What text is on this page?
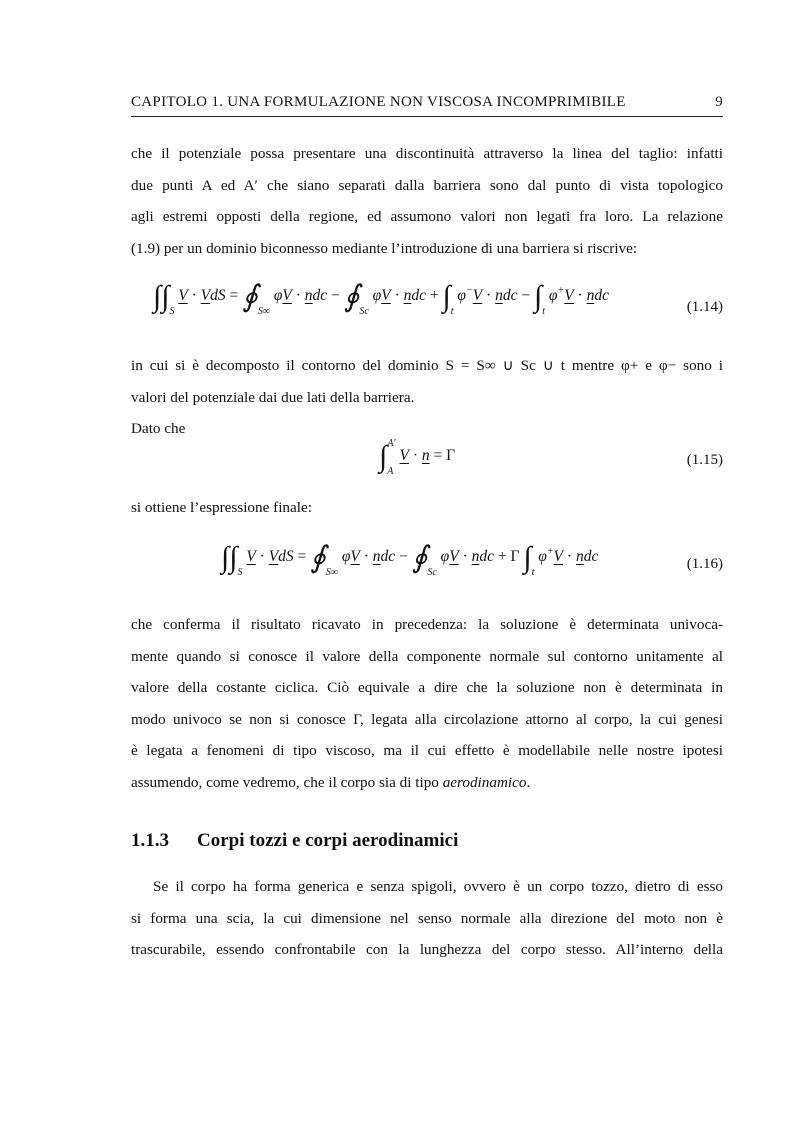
CAPITOLO 1. UNA FORMULAZIONE NON VISCOSA INCOMPRIMIBILE	9
che il potenziale possa presentare una discontinuità attraverso la linea del taglio: infatti
due punti A ed A′ che siano separati dalla barriera sono dal punto di vista topologico
agli estremi opposti della regione, ed assumono valori non legati fra loro. La relazione
(1.9) per un dominio biconnesso mediante l’introduzione di una barriera si riscrive:
$\int\int_S$ V · VdS = $∮_{S\infty}$ φV · ndc − $∮_{Sc}$ φV · ndc + $\int_t$ φ−V · ndc − $\int_t$ φ+V · ndc
(1.14)
in cui si è decomposto il contorno del dominio S = S∞ ∪ Sc ∪ t mentre φ+ e φ− sono i
valori del potenziale dai due lati della barriera.
Dato che
$\int_A^{A'}$ V · n = Γ	(1.15)
si ottiene l’espressione finale:
$\int\int_S$ V · VdS = $∮_{S\infty}$ φV · ndc − $∮_{Sc}$ φV · ndc + Γ $\int_t$ φ+V · ndc	(1.16)
che conferma il risultato ricavato in precedenza: la soluzione è determinata univoca-
mente quando si conosce il valore della componente normale sul contorno unitamente al
valore della costante ciclica. Ciò equivale a dire che la soluzione non è determinata in
modo univoco se non si conosce Γ, legata alla circolazione attorno al corpo, la cui genesi
è legata a fenomeni di tipo viscoso, ma il cui effetto è modellabile nelle nostre ipotesi
assumendo, come vedremo, che il corpo sia di tipo aerodinamico.
1.1.3 Corpi tozzi e corpi aerodinamici
Se il corpo ha forma generica e senza spigoli, ovvero è un corpo tozzo, dietro di esso
si forma una scia, la cui dimensione nel senso normale alla direzione del moto non è
trascurabile, essendo confrontabile con la lunghezza del corpo stesso. All’interno della
